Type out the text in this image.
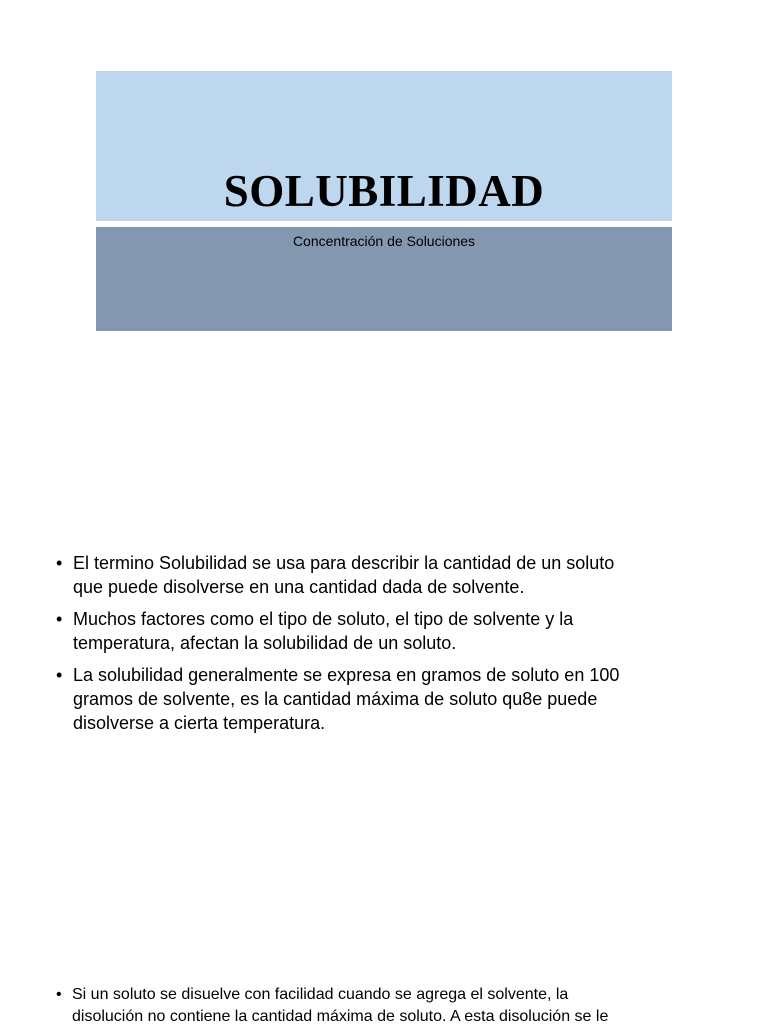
SOLUBILIDAD
Concentración de Soluciones
• El termino Solubilidad se usa para describir la cantidad de un soluto
que puede disolverse en una cantidad dada de solvente.
• Muchos factores como el tipo de soluto, el tipo de solvente y la
temperatura, afectan la solubilidad de un soluto.
• La solubilidad generalmente se expresa en gramos de soluto en 100
gramos de solvente, es la cantidad máxima de soluto qu8e puede
disolverse a cierta temperatura.
• Si un soluto se disuelve con facilidad cuando se agrega el solvente, la
disolución no contiene la cantidad máxima de soluto. A esta disolución se le
